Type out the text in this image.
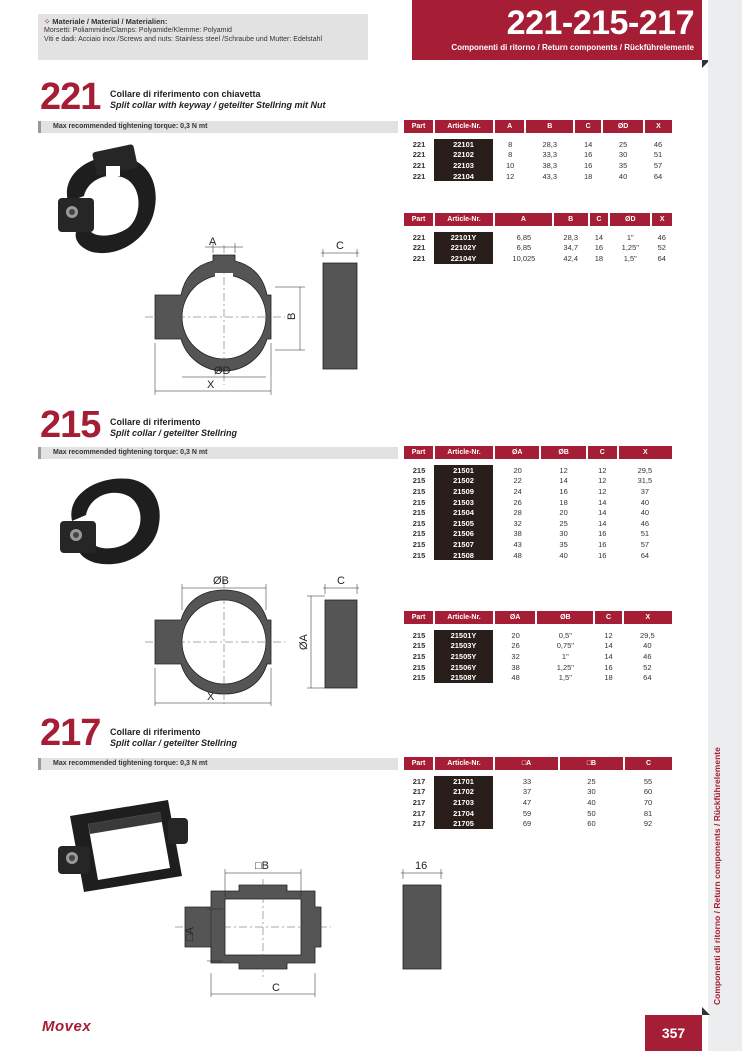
⁘ Materiale / Material / Materialien:
Morsetti: Poliammide/Clamps: Polyamide/Klemme: Polyamid
Viti e dadi: Acciaio inox /Screws and nuts: Stainless steel /Schraube und Mutter: Edelstahl	221-215-217
Componenti di ritorno / Return components / Rückführelemente
Componenti di ritorno / Return components / Rückführelemente
221 Collare di riferimento con chiavetta
Split collar with keyway / geteilter Stellring mit Nut
Max recommended tightening torque: 0,3 N mt	Part	Article-Nr.	A	B	C	ØD	X

221	22101	8	28,3	14	25	46
221	22102	8	33,3	16	30	51
221	22103	10	38,3	16	35	57
221	22104	12	43,3	18	40	64
Part	Article-Nr.	A	B	C	ØD	X

221	22101Y	6,85	28,3	14	1"	46
221	22102Y	6,85	34,7	16	1,25"	52
221	22104Y	10,025	42,4	18	1,5"	64
A
B
ØD
X
C
215 Collare di riferimento
Split collar / geteilter Stellring
Max recommended tightening torque: 0,3 N mt	Part	Article-Nr.	ØA	ØB	C	X

215	21501	20	12	12	29,5
215	21502	22	14	12	31,5
215	21509	24	16	12	37
215	21503	26	18	14	40
215	21504	28	20	14	40
215	21505	32	25	14	46
215	21506	38	30	16	51
215	21507	43	35	16	57
215	21508	48	40	16	64
Part	Article-Nr.	ØA	ØB	C	X

215	21501Y	20	0,5"	12	29,5
215	21503Y	26	0,75"	14	40
215	21505Y	32	1"	14	46
215	21506Y	38	1,25"	16	52
215	21508Y	48	1,5"	18	64
ØB
X
ØA
C
217 Collare di riferimento
Split collar / geteilter Stellring
Max recommended tightening torque: 0,3 N mt	Part	Article-Nr.	□A	□B	C

217	21701	33	25	55
217	21702	37	30	60
217	21703	47	40	70
217	21704	59	50	81
217	21705	69	60	92
□B
□A
C
16
Movex	357
